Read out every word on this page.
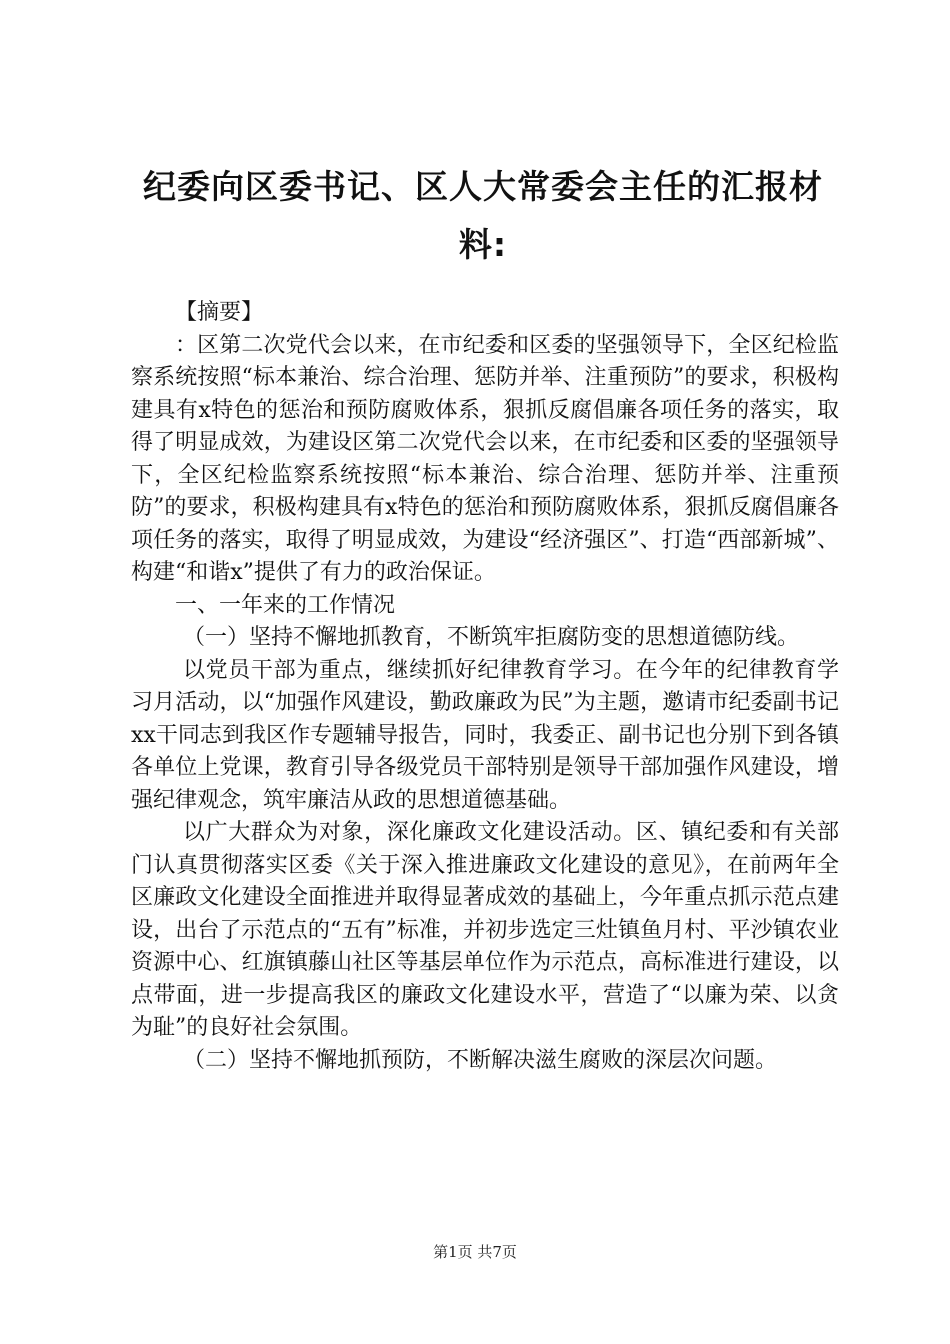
纪委向区委书记、区人大常委会主任的汇报材料:

【摘要】

：区第二次党代会以来，在市纪委和区委的坚强领导下，全区纪检监察系统按照“标本兼治、综合治理、惩防并举、注重预防”的要求，积极构建具有x特色的惩治和预防腐败体系，狠抓反腐倡廉各项任务的落实，取得了明显成效，为建设区第二次党代会以来，在市纪委和区委的坚强领导下，全区纪检监察系统按照“标本兼治、综合治理、惩防并举、注重预防”的要求，积极构建具有x特色的惩治和预防腐败体系，狠抓反腐倡廉各项任务的落实，取得了明显成效，为建设“经济强区”、打造“西部新城”、构建“和谐x”提供了有力的政治保证。

一、一年来的工作情况

（一）坚持不懈地抓教育，不断筑牢拒腐防变的思想道德防线。

以党员干部为重点，继续抓好纪律教育学习。在今年的纪律教育学习月活动，以“加强作风建设，勤政廉政为民”为主题，邀请市纪委副书记xx干同志到我区作专题辅导报告，同时，我委正、副书记也分别下到各镇各单位上党课，教育引导各级党员干部特别是领导干部加强作风建设，增强纪律观念，筑牢廉洁从政的思想道德基础。

以广大群众为对象，深化廉政文化建设活动。区、镇纪委和有关部门认真贯彻落实区委《关于深入推进廉政文化建设的意见》，在前两年全区廉政文化建设全面推进并取得显著成效的基础上，今年重点抓示范点建设，出台了示范点的“五有”标准，并初步选定三灶镇鱼月村、平沙镇农业资源中心、红旗镇藤山社区等基层单位作为示范点，高标准进行建设，以点带面，进一步提高我区的廉政文化建设水平，营造了“以廉为荣、以贪为耻”的良好社会氛围。

（二）坚持不懈地抓预防，不断解决滋生腐败的深层次问题。

第1页 共7页
